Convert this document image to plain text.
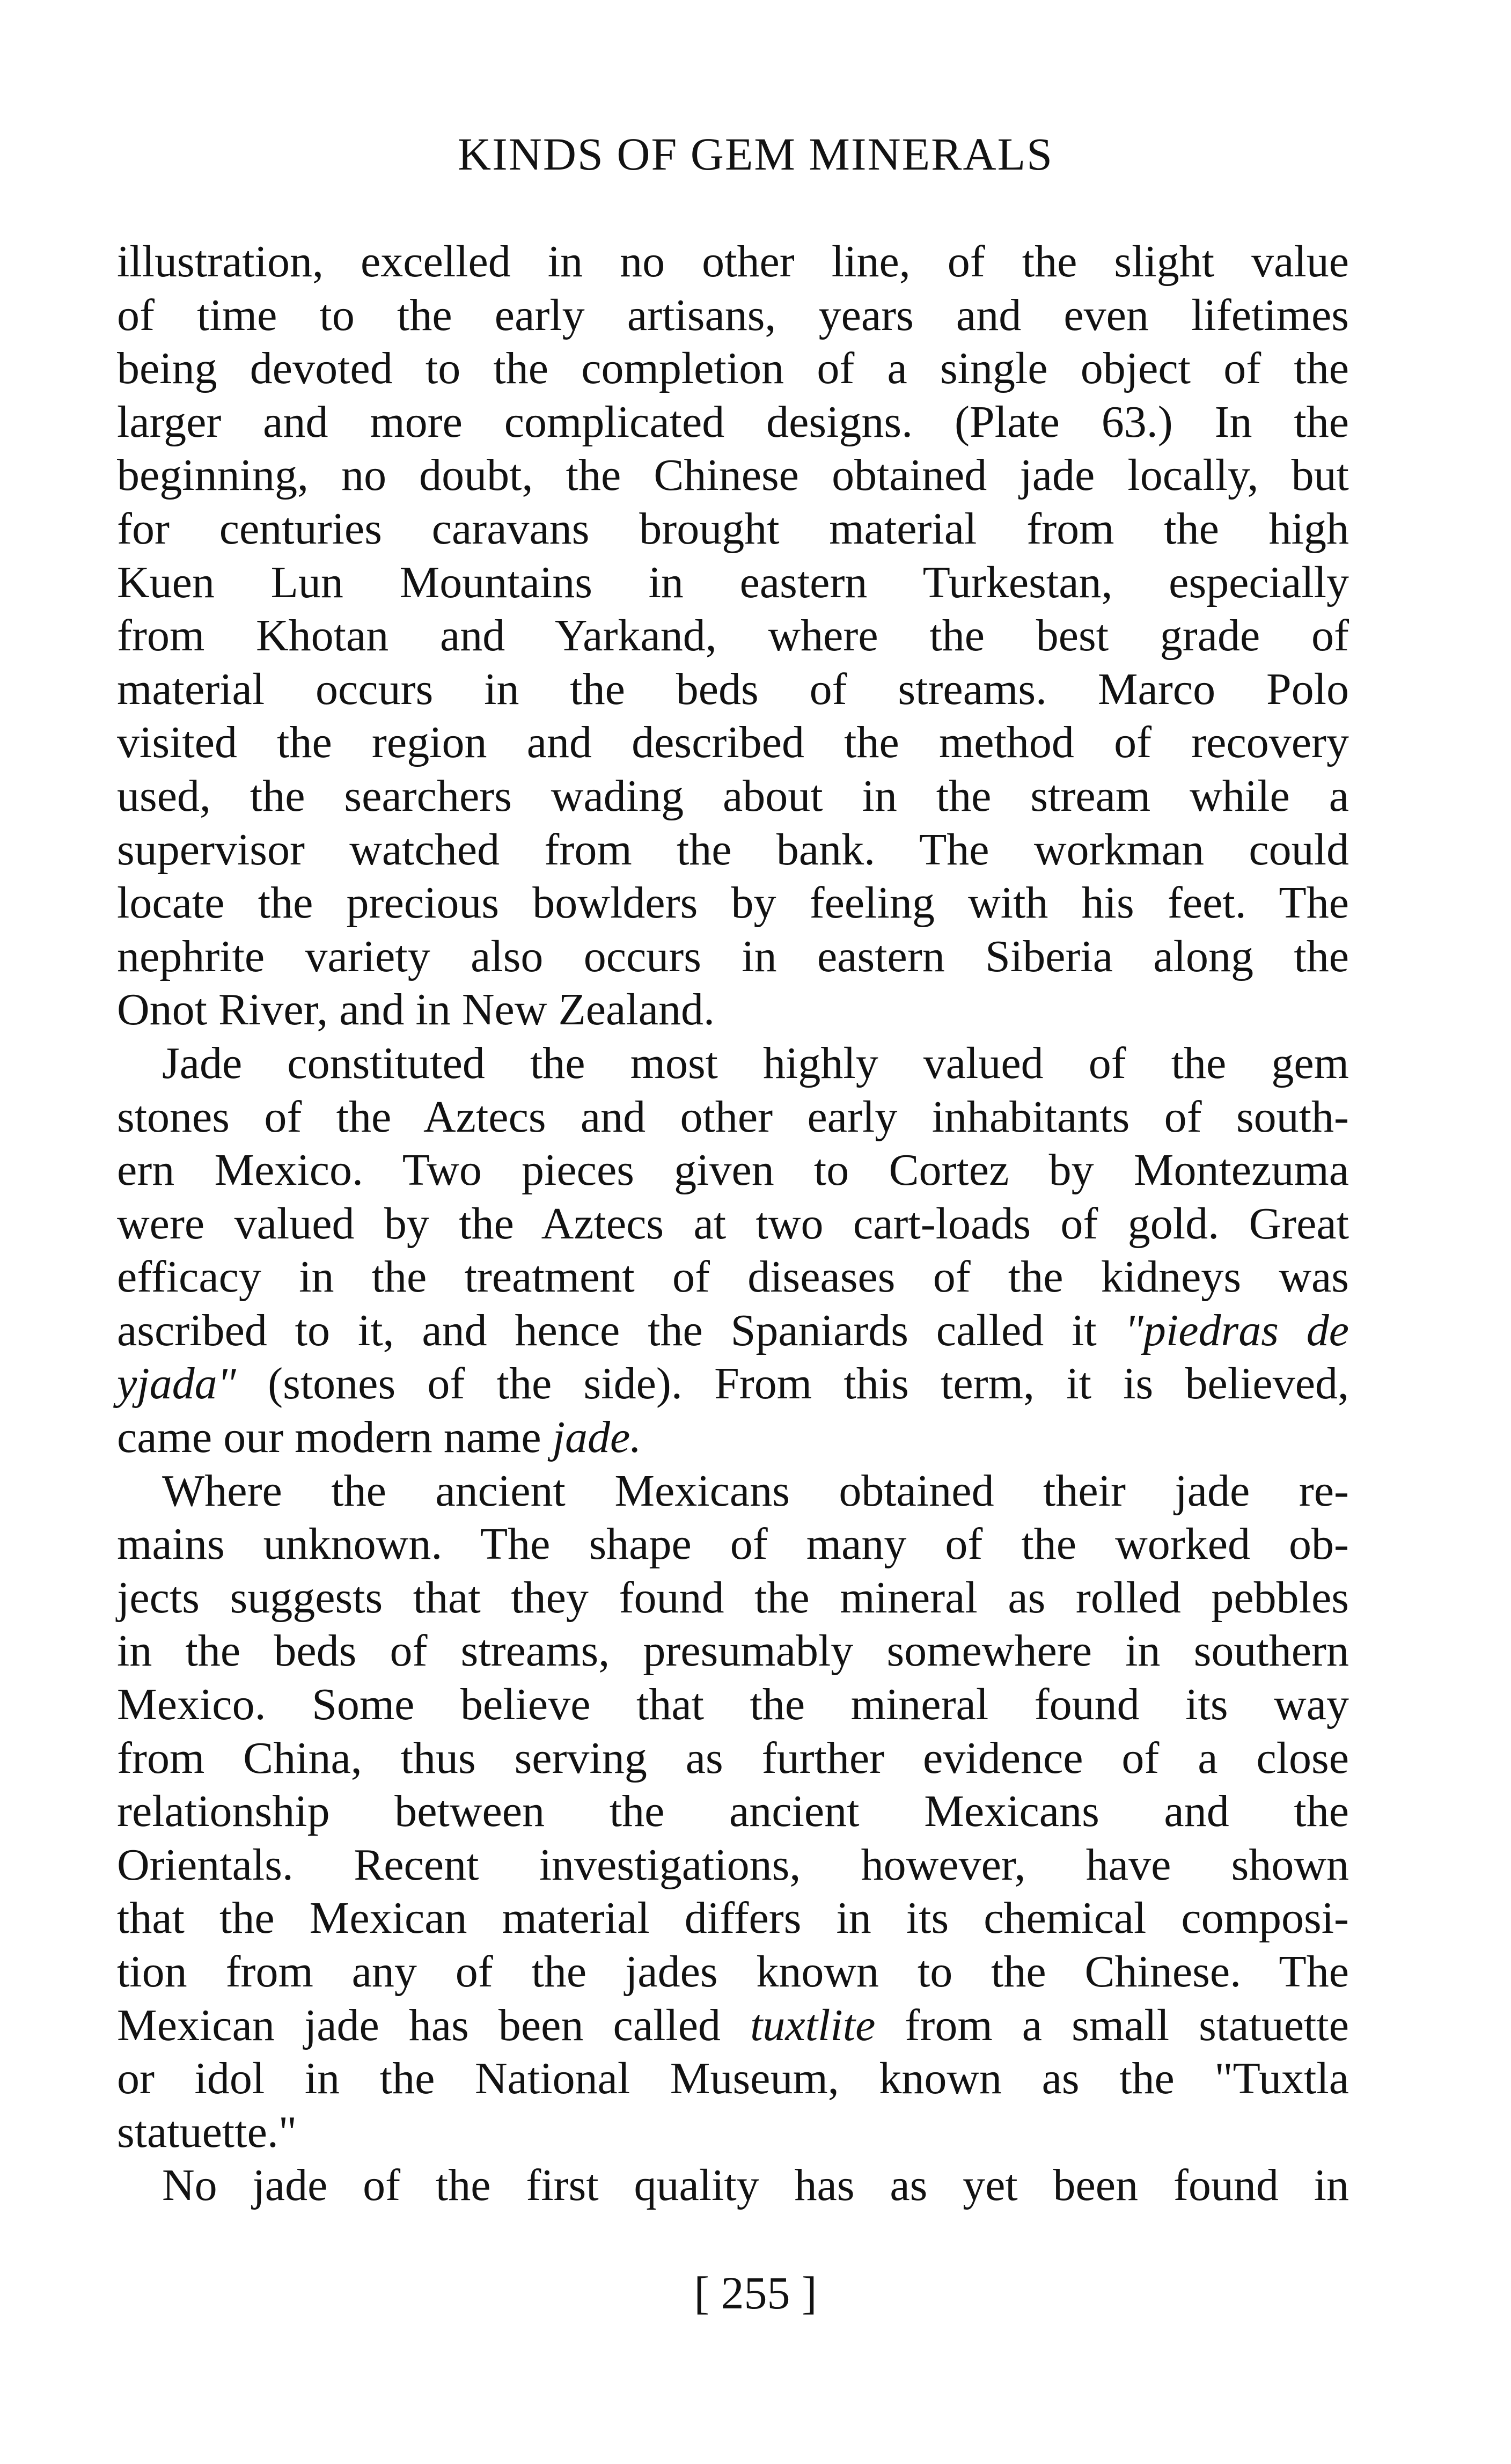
KINDS OF GEM MINERALS
illustration, excelled in no other line, of the slight value
of time to the early artisans, years and even lifetimes
being devoted to the completion of a single object of the
larger and more complicated designs. (Plate 63.) In the
beginning, no doubt, the Chinese obtained jade locally, but
for centuries caravans brought material from the high
Kuen Lun Mountains in eastern Turkestan, especially
from Khotan and Yarkand, where the best grade of
material occurs in the beds of streams. Marco Polo
visited the region and described the method of recovery
used, the searchers wading about in the stream while a
supervisor watched from the bank. The workman could
locate the precious bowlders by feeling with his feet. The
nephrite variety also occurs in eastern Siberia along the
Onot River, and in New Zealand.
Jade constituted the most highly valued of the gem
stones of the Aztecs and other early inhabitants of south-
ern Mexico. Two pieces given to Cortez by Montezuma
were valued by the Aztecs at two cart-loads of gold. Great
efficacy in the treatment of diseases of the kidneys was
ascribed to it, and hence the Spaniards called it "piedras de
yjada" (stones of the side). From this term, it is believed,
came our modern name jade.
Where the ancient Mexicans obtained their jade re-
mains unknown. The shape of many of the worked ob-
jects suggests that they found the mineral as rolled pebbles
in the beds of streams, presumably somewhere in southern
Mexico. Some believe that the mineral found its way
from China, thus serving as further evidence of a close
relationship between the ancient Mexicans and the
Orientals. Recent investigations, however, have shown
that the Mexican material differs in its chemical composi-
tion from any of the jades known to the Chinese. The
Mexican jade has been called tuxtlite from a small statuette
or idol in the National Museum, known as the "Tuxtla
statuette."
No jade of the first quality has as yet been found in
[ 255 ]
